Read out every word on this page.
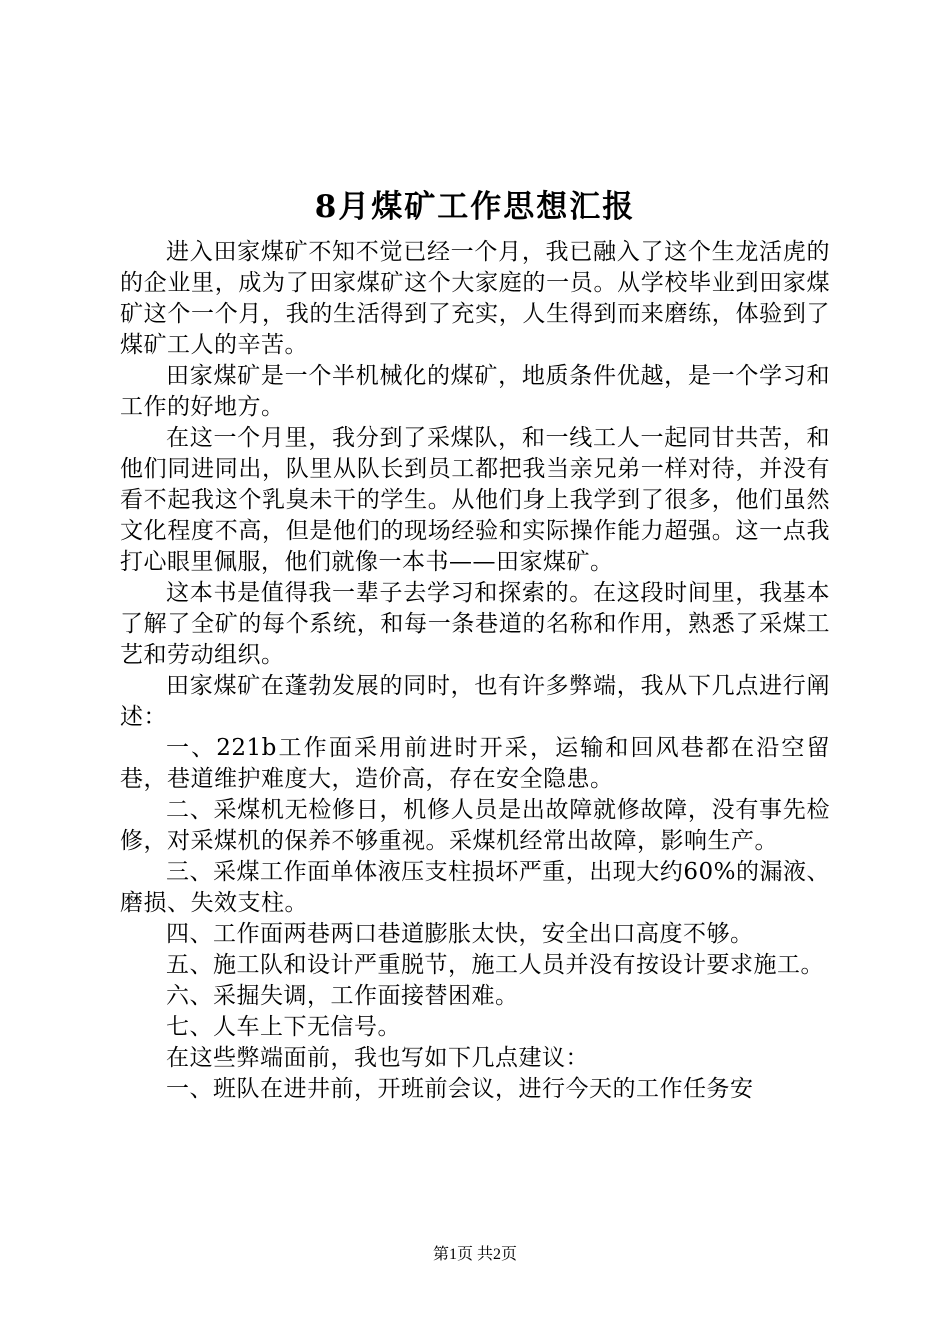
8月煤矿工作思想汇报

进入田家煤矿不知不觉已经一个月，我已融入了这个生龙活虎的的企业里，成为了田家煤矿这个大家庭的一员。从学校毕业到田家煤矿这个一个月，我的生活得到了充实，人生得到而来磨练，体验到了煤矿工人的辛苦。

田家煤矿是一个半机械化的煤矿，地质条件优越，是一个学习和工作的好地方。

在这一个月里，我分到了采煤队，和一线工人一起同甘共苦，和他们同进同出，队里从队长到员工都把我当亲兄弟一样对待，并没有看不起我这个乳臭未干的学生。从他们身上我学到了很多，他们虽然文化程度不高，但是他们的现场经验和实际操作能力超强。这一点我打心眼里佩服，他们就像一本书——田家煤矿。

这本书是值得我一辈子去学习和探索的。在这段时间里，我基本了解了全矿的每个系统，和每一条巷道的名称和作用，熟悉了采煤工艺和劳动组织。

田家煤矿在蓬勃发展的同时，也有许多弊端，我从下几点进行阐述：

一、221b工作面采用前进时开采，运输和回风巷都在沿空留巷，巷道维护难度大，造价高，存在安全隐患。

二、采煤机无检修日，机修人员是出故障就修故障，没有事先检修，对采煤机的保养不够重视。采煤机经常出故障，影响生产。

三、采煤工作面单体液压支柱损坏严重，出现大约60%的漏液、磨损、失效支柱。

四、工作面两巷两口巷道膨胀太快，安全出口高度不够。

五、施工队和设计严重脱节，施工人员并没有按设计要求施工。

六、采掘失调，工作面接替困难。

七、人车上下无信号。

在这些弊端面前，我也写如下几点建议：

一、班队在进井前，开班前会议，进行今天的工作任务安

第1页 共2页
